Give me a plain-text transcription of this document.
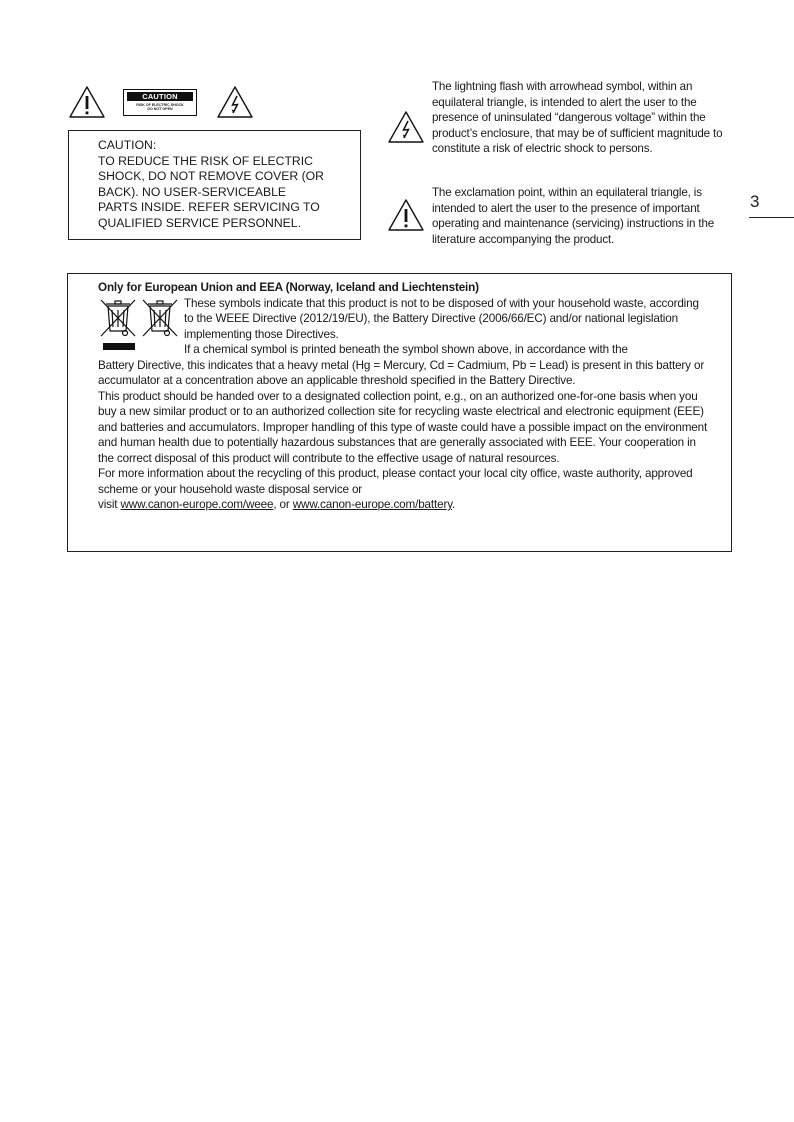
CAUTION
RISK OF ELECTRIC SHOCK
DO NOT OPEN
CAUTION:
TO REDUCE THE RISK OF ELECTRIC
SHOCK, DO NOT REMOVE COVER (OR
BACK). NO USER-SERVICEABLE
PARTS INSIDE. REFER SERVICING TO
QUALIFIED SERVICE PERSONNEL.
The lightning flash with arrowhead symbol, within an equilateral triangle, is intended to alert the user to the presence of uninsulated “dangerous voltage” within the product’s enclosure, that may be of sufficient magnitude to constitute a risk of electric shock to persons.
The exclamation point, within an equilateral triangle, is intended to alert the user to the presence of important operating and maintenance (servicing) instructions in the literature accompanying the product.
3
Only for European Union and EEA (Norway, Iceland and Liechtenstein)
These symbols indicate that this product is not to be disposed of with your household waste, according to the WEEE Directive (2012/19/EU), the Battery Directive (2006/66/EC) and/or national legislation implementing those Directives.
If a chemical symbol is printed beneath the symbol shown above, in accordance with the
Battery Directive, this indicates that a heavy metal (Hg = Mercury, Cd = Cadmium, Pb = Lead) is present in this battery or accumulator at a concentration above an applicable threshold specified in the Battery Directive.
This product should be handed over to a designated collection point, e.g., on an authorized one-for-one basis when you buy a new similar product or to an authorized collection site for recycling waste electrical and electronic equipment (EEE) and batteries and accumulators. Improper handling of this type of waste could have a possible impact on the environment and human health due to potentially hazardous substances that are generally associated with EEE. Your cooperation in the correct disposal of this product will contribute to the effective usage of natural resources.
For more information about the recycling of this product, please contact your local city office, waste authority, approved scheme or your household waste disposal service or
visit www.canon-europe.com/weee, or www.canon-europe.com/battery.
